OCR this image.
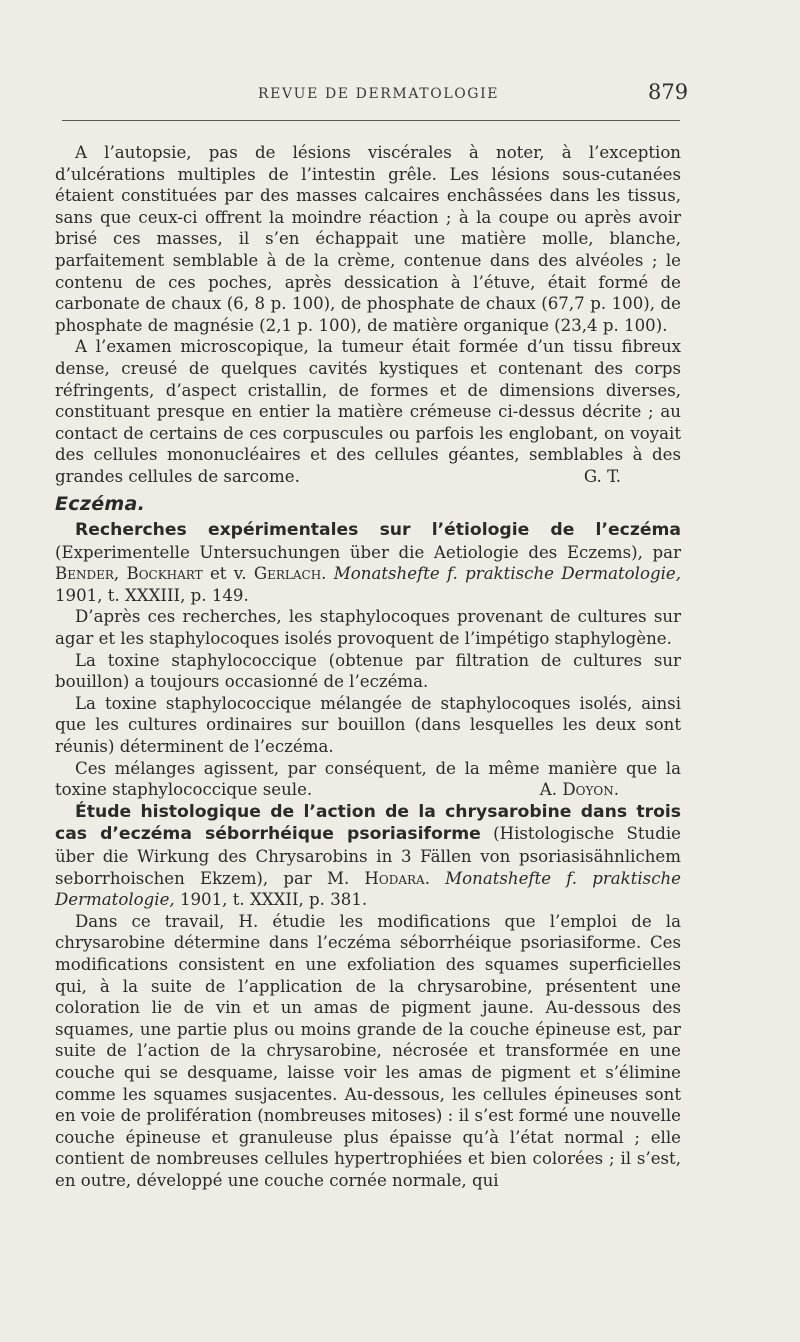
REVUE DE DERMATOLOGIE	879

A l’autopsie, pas de lésions viscérales à noter, à l’exception d’ulcérations multiples de l’intestin grêle. Les lésions sous-cutanées étaient constituées par des masses calcaires enchâssées dans les tissus, sans que ceux-ci offrent la moindre réaction ; à la coupe ou après avoir brisé ces masses, il s’en échappait une matière molle, blanche, parfaitement semblable à de la crème, contenue dans des alvéoles ; le contenu de ces poches, après dessication à l’étuve, était formé de carbonate de chaux (6, 8 p. 100), de phosphate de chaux (67,7 p. 100), de phosphate de magnésie (2,1 p. 100), de matière organique (23,4 p. 100).

A l’examen microscopique, la tumeur était formée d’un tissu fibreux dense, creusé de quelques cavités kystiques et contenant des corps réfringents, d’aspect cristallin, de formes et de dimensions diverses, constituant presque en entier la matière crémeuse ci-dessus décrite ; au contact de certains de ces corpuscules ou parfois les englobant, on voyait des cellules mononucléaires et des cellules géantes, semblables à des grandes cellules de sarcome.	G. T.

Eczéma.

Recherches expérimentales sur l’étiologie de l’eczéma (Experimentelle Untersuchungen über die Aetiologie des Eczems), par Bender, Bockhart et v. Gerlach. Monatshefte f. praktische Dermatologie, 1901, t. XXXIII, p. 149.

D’après ces recherches, les staphylocoques provenant de cultures sur agar et les staphylocoques isolés provoquent de l’impétigo staphylogène.

La toxine staphylococcique (obtenue par filtration de cultures sur bouillon) a toujours occasionné de l’eczéma.

La toxine staphylococcique mélangée de staphylocoques isolés, ainsi que les cultures ordinaires sur bouillon (dans lesquelles les deux sont réunis) déterminent de l’eczéma.

Ces mélanges agissent, par conséquent, de la même manière que la toxine staphylococcique seule.	A. Doyon.

Étude histologique de l’action de la chrysarobine dans trois cas d’eczéma séborrhéique psoriasiforme (Histologische Studie über die Wirkung des Chrysarobins in 3 Fällen von psoriasisähnlichem seborrhoischen Ekzem), par M. Hodara. Monatshefte f. praktische Dermatologie, 1901, t. XXXII, p. 381.

Dans ce travail, H. étudie les modifications que l’emploi de la chrysarobine détermine dans l’eczéma séborrhéique psoriasiforme. Ces modifications consistent en une exfoliation des squames superficielles qui, à la suite de l’application de la chrysarobine, présentent une coloration lie de vin et un amas de pigment jaune. Au-dessous des squames, une partie plus ou moins grande de la couche épineuse est, par suite de l’action de la chrysarobine, nécrosée et transformée en une couche qui se desquame, laisse voir les amas de pigment et s’élimine comme les squames susjacentes. Au-dessous, les cellules épineuses sont en voie de prolifération (nombreuses mitoses) : il s’est formé une nouvelle couche épineuse et granuleuse plus épaisse qu’à l’état normal ; elle contient de nombreuses cellules hypertrophiées et bien colorées ; il s’est, en outre, développé une couche cornée normale, qui
